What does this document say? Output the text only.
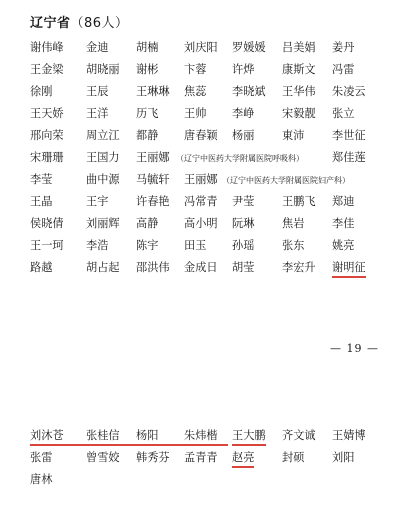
辽宁省（86人）
谢伟峰 金迪 胡楠 刘庆阳 罗媛媛 吕美娟 姜丹
王金梁 胡晓丽 谢彬 卞蓉 许烨 康斯文 冯雷
徐刚	王辰 王琳琳 焦蕊 李晓斌 王华伟 朱凌云
王天娇 王洋 历飞 王帅 李峥 宋毅靓 张立
邢向荣 周立江 都静 唐春颖 杨丽 東沛 李世征
宋珊珊 王国力 王丽娜 （辽宁中医药大学附属医院呼吸科）	郑佳莲
李莹	曲中源 马毓轩 王丽娜 （辽宁中医药大学附属医院妇产科）
王晶	王宇 许春艳 冯常青 尹莹 王鹏飞 郑迪
侯晓倩 刘丽辉 高静 高小明 阮琳 焦岩 李佳
王一珂 李浩 陈宇 田玉 孙瑶 张东 姚亮
路越	胡占起 邵洪伟 金成日 胡莹 李宏升 谢明征
— 19 —
刘沐苍 张桂信 杨阳 朱炜楷 王大鹏 齐文诚 王婧博
张雷	曾雪姣 韩秀芬 孟青青 赵亮 封硕 刘阳
唐林
